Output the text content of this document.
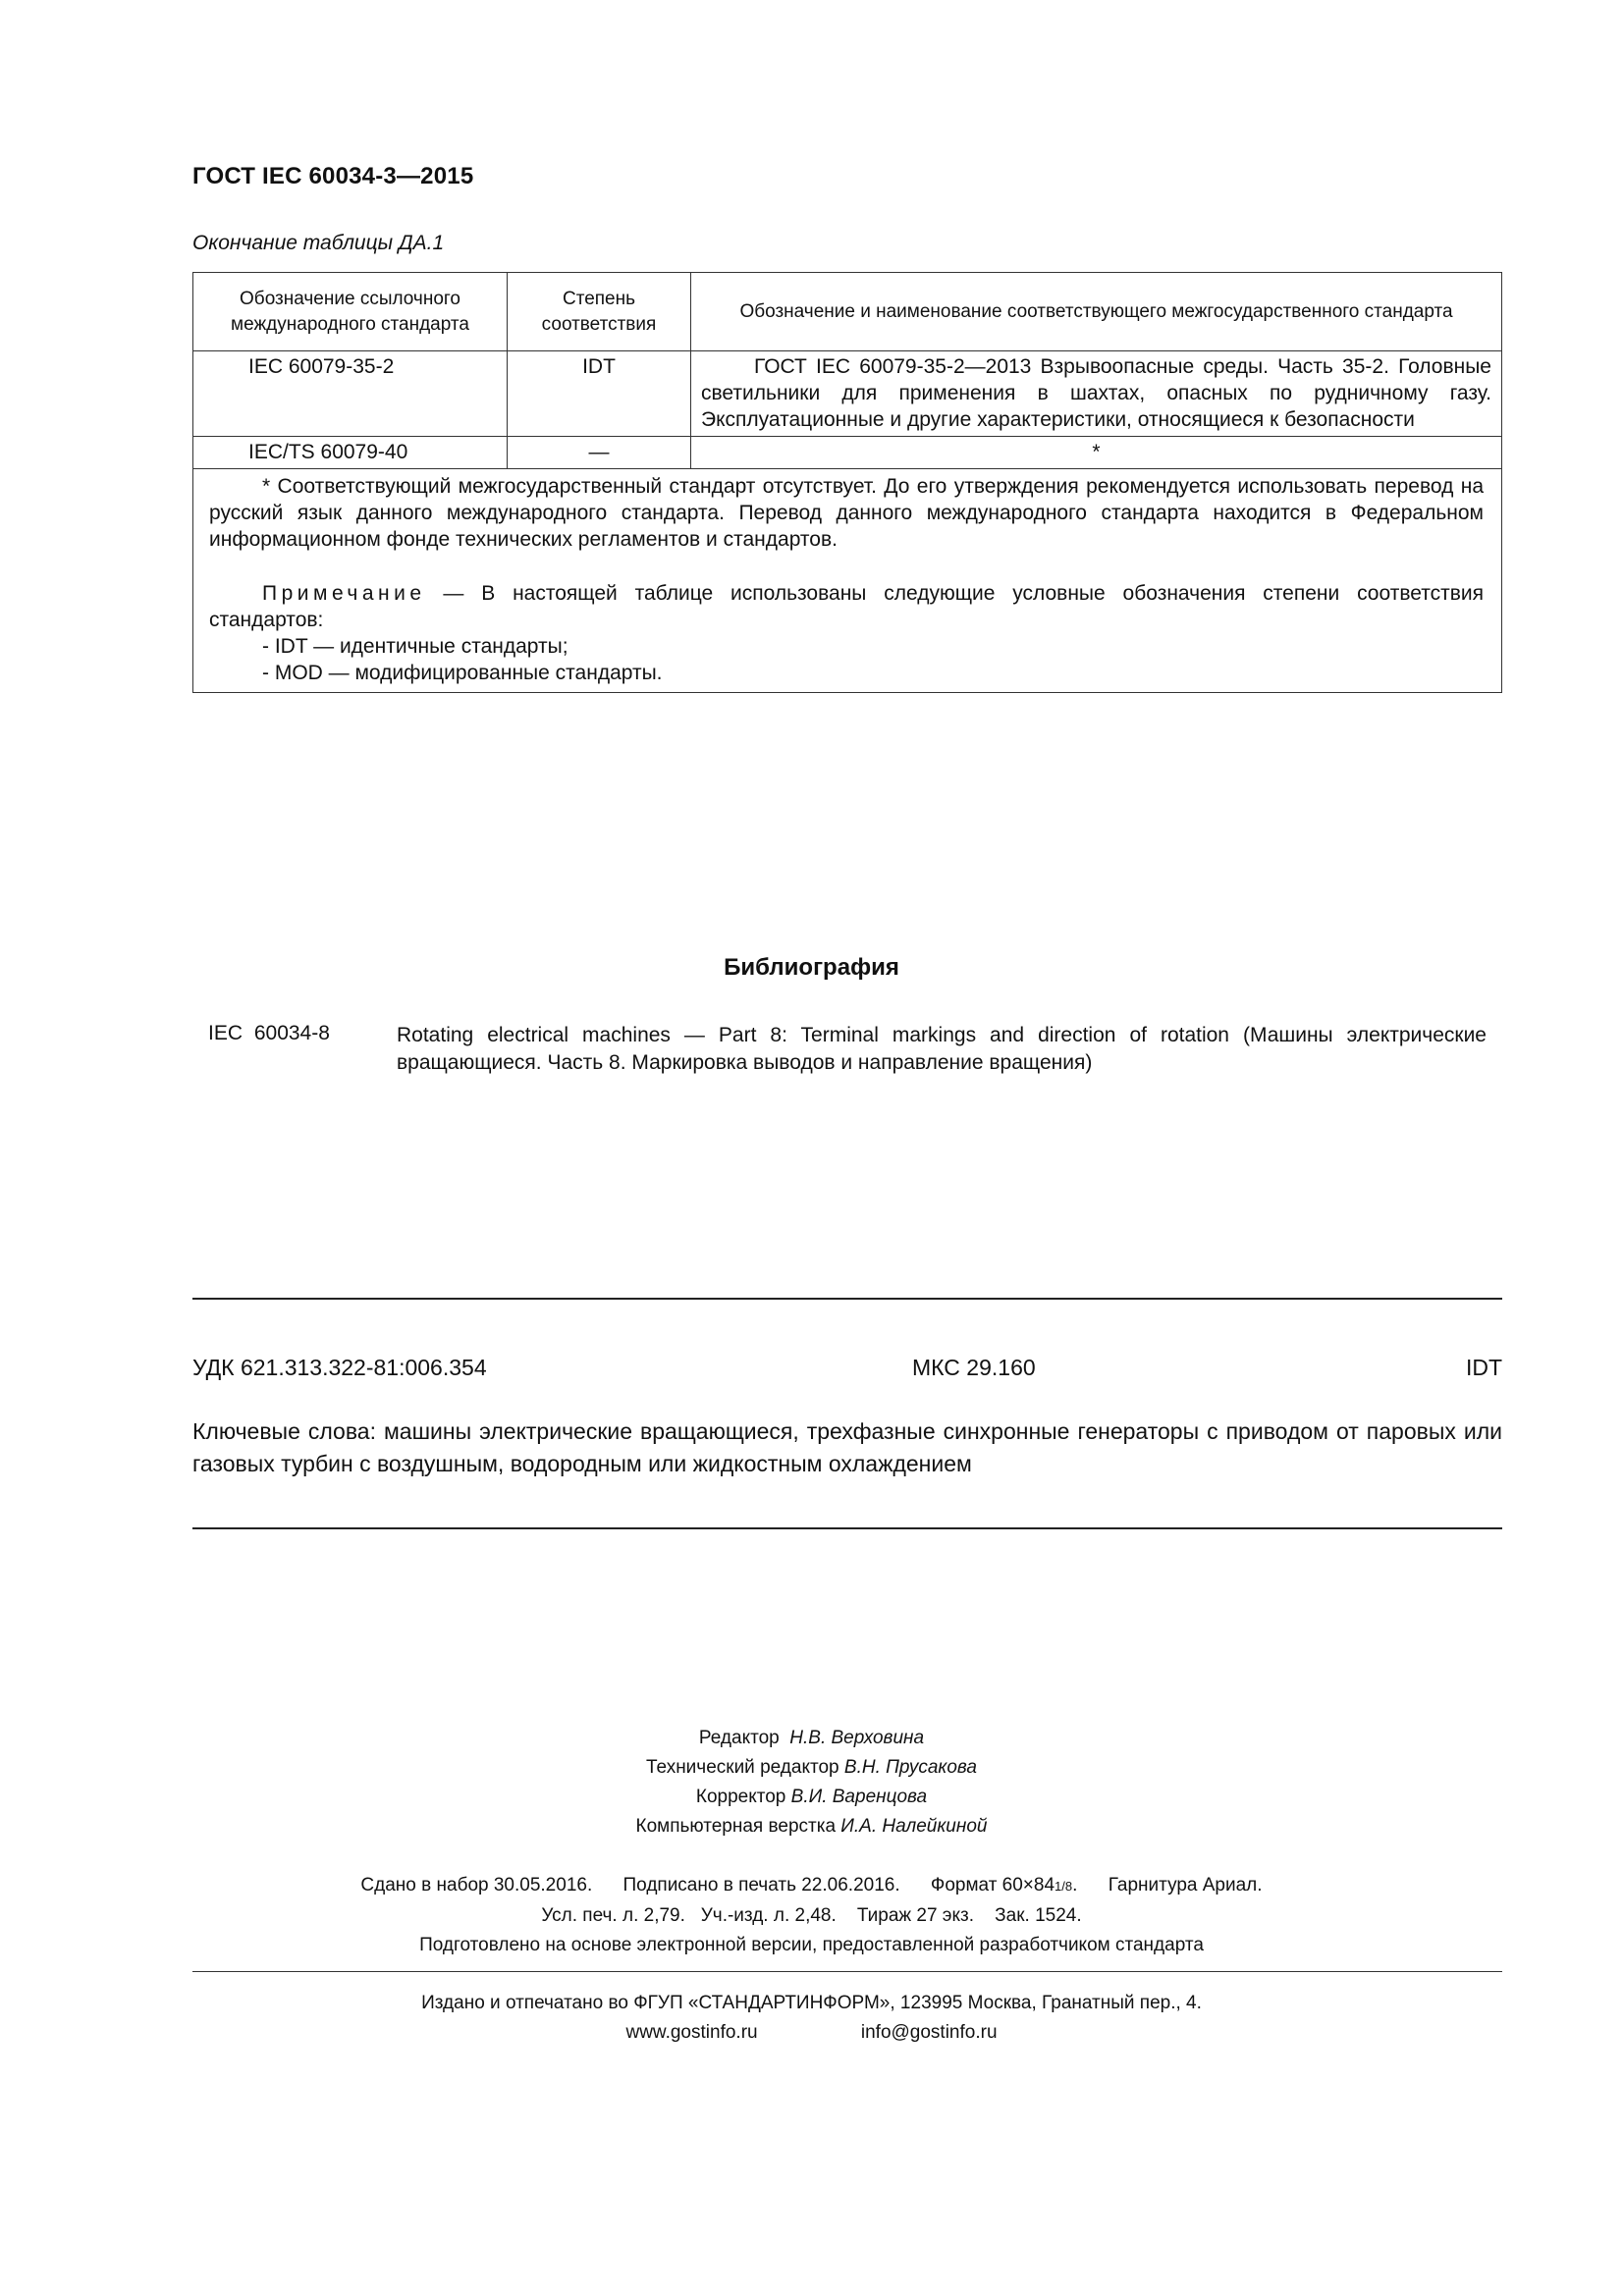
ГОСТ IEC 60034-3—2015
Окончание таблицы ДА.1
Обозначение ссылочного международного стандарта	Степень соответствия	Обозначение и наименование соответствующего межгосударственного стандарта
IEC 60079-35-2	IDT	ГОСТ IEC 60079-35-2—2013 Взрывоопасные среды. Часть 35-2. Головные светильники для применения в шахтах, опасных по рудничному газу. Эксплуатационные и другие характеристики, относящиеся к безопасности
IEC/TS 60079-40	—	*

* Соответствующий межгосударственный стандарт отсутствует. До его утверждения рекомендуется использовать перевод на русский язык данного международного стандарта. Перевод данного международного стандарта находится в Федеральном информационном фонде технических регламентов и стандартов.

Примечание — В настоящей таблице использованы следующие условные обозначения степени соответствия стандартов:

- IDT — идентичные стандарты;

- MOD — модифицированные стандарты.		

Библиография
IEC 60034-8	Rotating electrical machines — Part 8: Terminal markings and direction of rotation (Машины электрические вращающиеся. Часть 8. Маркировка выводов и направление вращения)
УДК 621.313.322-81:006.354	МКС 29.160	IDT
Ключевые слова: машины электрические вращающиеся, трехфазные синхронные генераторы с приводом от паровых или газовых турбин с воздушным, водородным или жидкостным охлаждением
Редактор Н.В. Верховина
Технический редактор В.Н. Прусакова
Корректор В.И. Варенцова
Компьютерная верстка И.А. Налейкиной
Сдано в набор 30.05.2016. Подписано в печать 22.06.2016. Формат 60×841/8. Гарнитура Ариал.
Усл. печ. л. 2,79. Уч.-изд. л. 2,48. Тираж 27 экз. Зак. 1524.
Подготовлено на основе электронной версии, предоставленной разработчиком стандарта
Издано и отпечатано во ФГУП «СТАНДАРТИНФОРМ», 123995 Москва, Гранатный пер., 4.
www.gostinfo.ru	info@gostinfo.ru
